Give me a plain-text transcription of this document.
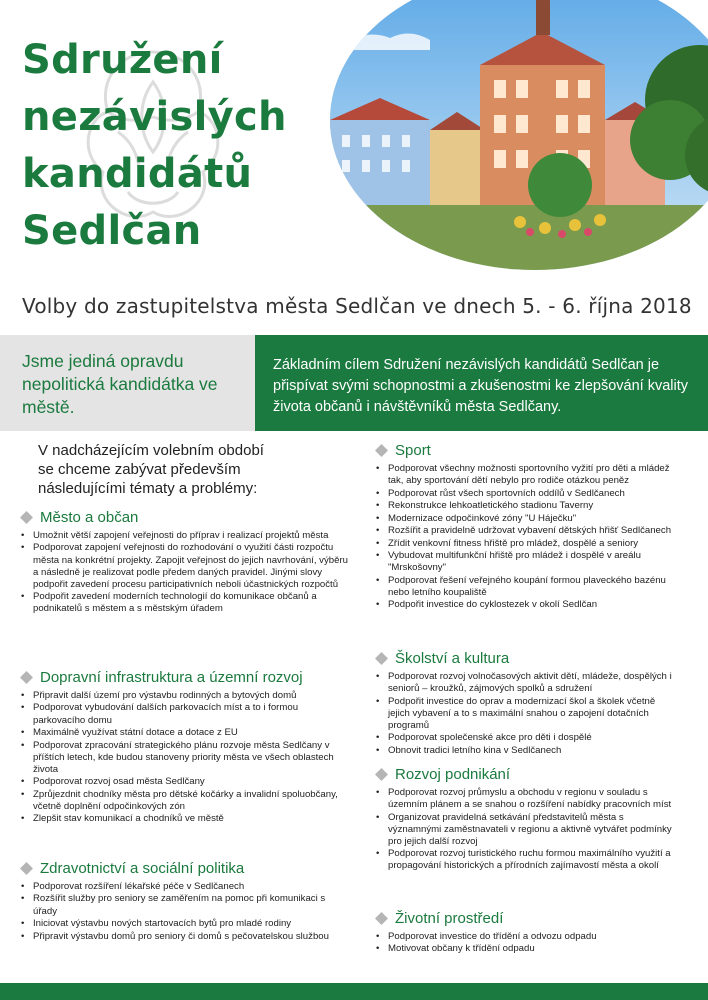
Sdružení
nezávislých
kandidátů
Sedlčan
Volby do zastupitelstva města Sedlčan ve dnech 5. - 6. října 2018

Jsme jediná opravdu nepolitická kandidátka ve městě.

Základním cílem Sdružení nezávislých kandidátů Sedlčan je přispívat svými schopnostmi a zkušenostmi ke zlepšování kvality života občanů i návštěvníků města Sedlčany.

V nadcházejícím volebním období
se chceme zabývat především
následujícími tématy a problémy:

Město a občan
• Umožnit větší zapojení veřejnosti do příprav i realizací projektů města
• Podporovat zapojení veřejnosti do rozhodování o využití části rozpočtu města na konkrétní projekty. Zapojit veřejnost do jejich navrhování, výběru a následně je realizovat podle předem daných pravidel. Jinými slovy podpořit zavedení procesu participativních neboli účastnických rozpočtů
• Podpořit zavedení moderních technologií do komunikace občanů a podnikatelů s městem a s městským úřadem
Dopravní infrastruktura a územní rozvoj
• Připravit další území pro výstavbu rodinných a bytových domů
• Podporovat vybudování dalších parkovacích míst a to i formou parkovacího domu
• Maximálně využívat státní dotace a dotace z EU
• Podporovat zpracování strategického plánu rozvoje města Sedlčany v příštích letech, kde budou stanoveny priority města ve všech oblastech života
• Podporovat rozvoj osad města Sedlčany
• Zprůjezdnit chodníky města pro dětské kočárky a invalidní spoluobčany, včetně doplnění odpočinkových zón
• Zlepšit stav komunikací a chodníků ve městě
Zdravotnictví a sociální politika
• Podporovat rozšíření lékařské péče v Sedlčanech
• Rozšířit služby pro seniory se zaměřením na pomoc při komunikaci s úřady
• Iniciovat výstavbu nových startovacích bytů pro mladé rodiny
• Připravit výstavbu domů pro seniory či domů s pečovatelskou službou
Sport
• Podporovat všechny možnosti sportovního vyžití pro děti a mládež tak, aby sportování dětí nebylo pro rodiče otázkou peněz
• Podporovat růst všech sportovních oddílů v Sedlčanech
• Rekonstrukce lehkoatletického stadionu Taverny
• Modernizace odpočinkové zóny "U Háječku"
• Rozšířit a pravidelně udržovat vybavení dětských hřišť Sedlčanech
• Zřídit venkovní fitness hřiště pro mládež, dospělé a seniory
• Vybudovat multifunkční hřiště pro mládež i dospělé v areálu "Mrskošovny"
• Podporovat řešení veřejného koupání formou plaveckého bazénu nebo letního koupaliště
• Podpořit investice do cyklostezek v okolí Sedlčan
Školství a kultura
• Podporovat rozvoj volnočasových aktivit dětí, mládeže, dospělých i seniorů – kroužků, zájmových spolků a sdružení
• Podpořit investice do oprav a modernizací škol a školek včetně jejich vybavení a to s maximální snahou o zapojení dotačních programů
• Podporovat společenské akce pro děti i dospělé
• Obnovit tradici letního kina v Sedlčanech
Rozvoj podnikání
• Podporovat rozvoj průmyslu a obchodu v regionu v souladu s územním plánem a se snahou o rozšíření nabídky pracovních míst
• Organizovat pravidelná setkávání představitelů města s významnými zaměstnavateli v regionu a aktivně vytvářet podmínky pro jejich další rozvoj
• Podporovat rozvoj turistického ruchu formou maximálního využití a propagování historických a přírodních zajímavostí města a okolí
Životní prostředí
• Podporovat investice do třídění a odvozu odpadu
• Motivovat občany k třídění odpadu
